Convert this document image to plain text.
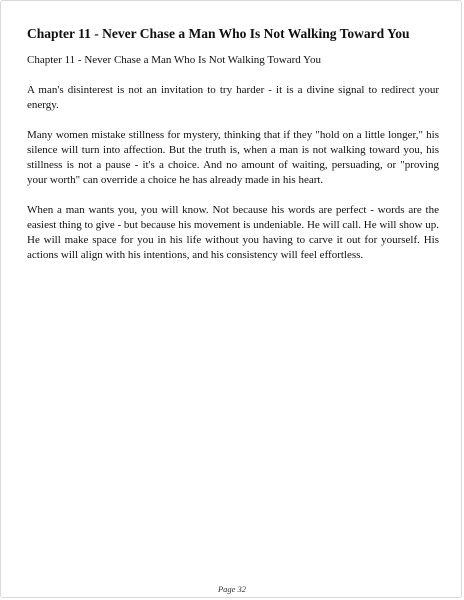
Chapter 11 - Never Chase a Man Who Is Not Walking Toward You

Chapter 11 - Never Chase a Man Who Is Not Walking Toward You

A man's disinterest is not an invitation to try harder - it is a divine signal to redirect your energy.

Many women mistake stillness for mystery, thinking that if they "hold on a little longer," his silence will turn into affection. But the truth is, when a man is not walking toward you, his stillness is not a pause - it's a choice. And no amount of waiting, persuading, or "proving your worth" can override a choice he has already made in his heart.

When a man wants you, you will know. Not because his words are perfect - words are the easiest thing to give - but because his movement is undeniable. He will call. He will show up. He will make space for you in his life without you having to carve it out for yourself. His actions will align with his intentions, and his consistency will feel effortless.

Page 32
